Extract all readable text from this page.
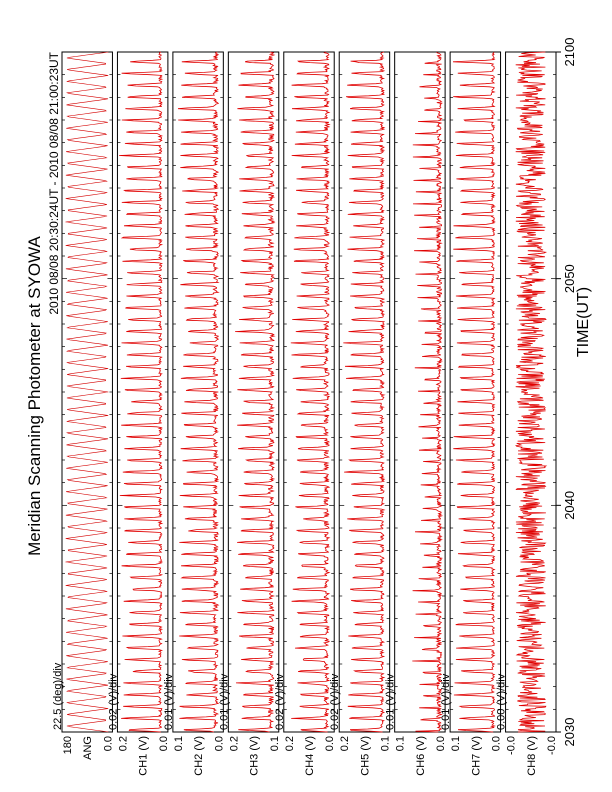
Meridian Scanning Photometer at SYOWA
2010 08/08 20:30:24UT - 2010 08/08 21:00:23UT
180	0.0
ANG
22.5 (deg)/div
0.2	0.0
CH1 (V)
0.02 (V)/div
0.1	0.0
CH2 (V)
0.01 (V)/div
0.2	0.1
CH3 (V)
0.01 (V)/div
0.2	0.0
CH4 (V)
0.02 (V)/div
0.2	0.1
CH5 (V)
0.02 (V)/div
0.1	0.0
CH6 (V)
0.01 (V)/div
0.1	0.0
CH7 (V)
0.01 (V)/div
-0.0	-0.0
CH8 (V)
0.00 (V)/div
2030
2040
2050
2100
TIME(UT)
